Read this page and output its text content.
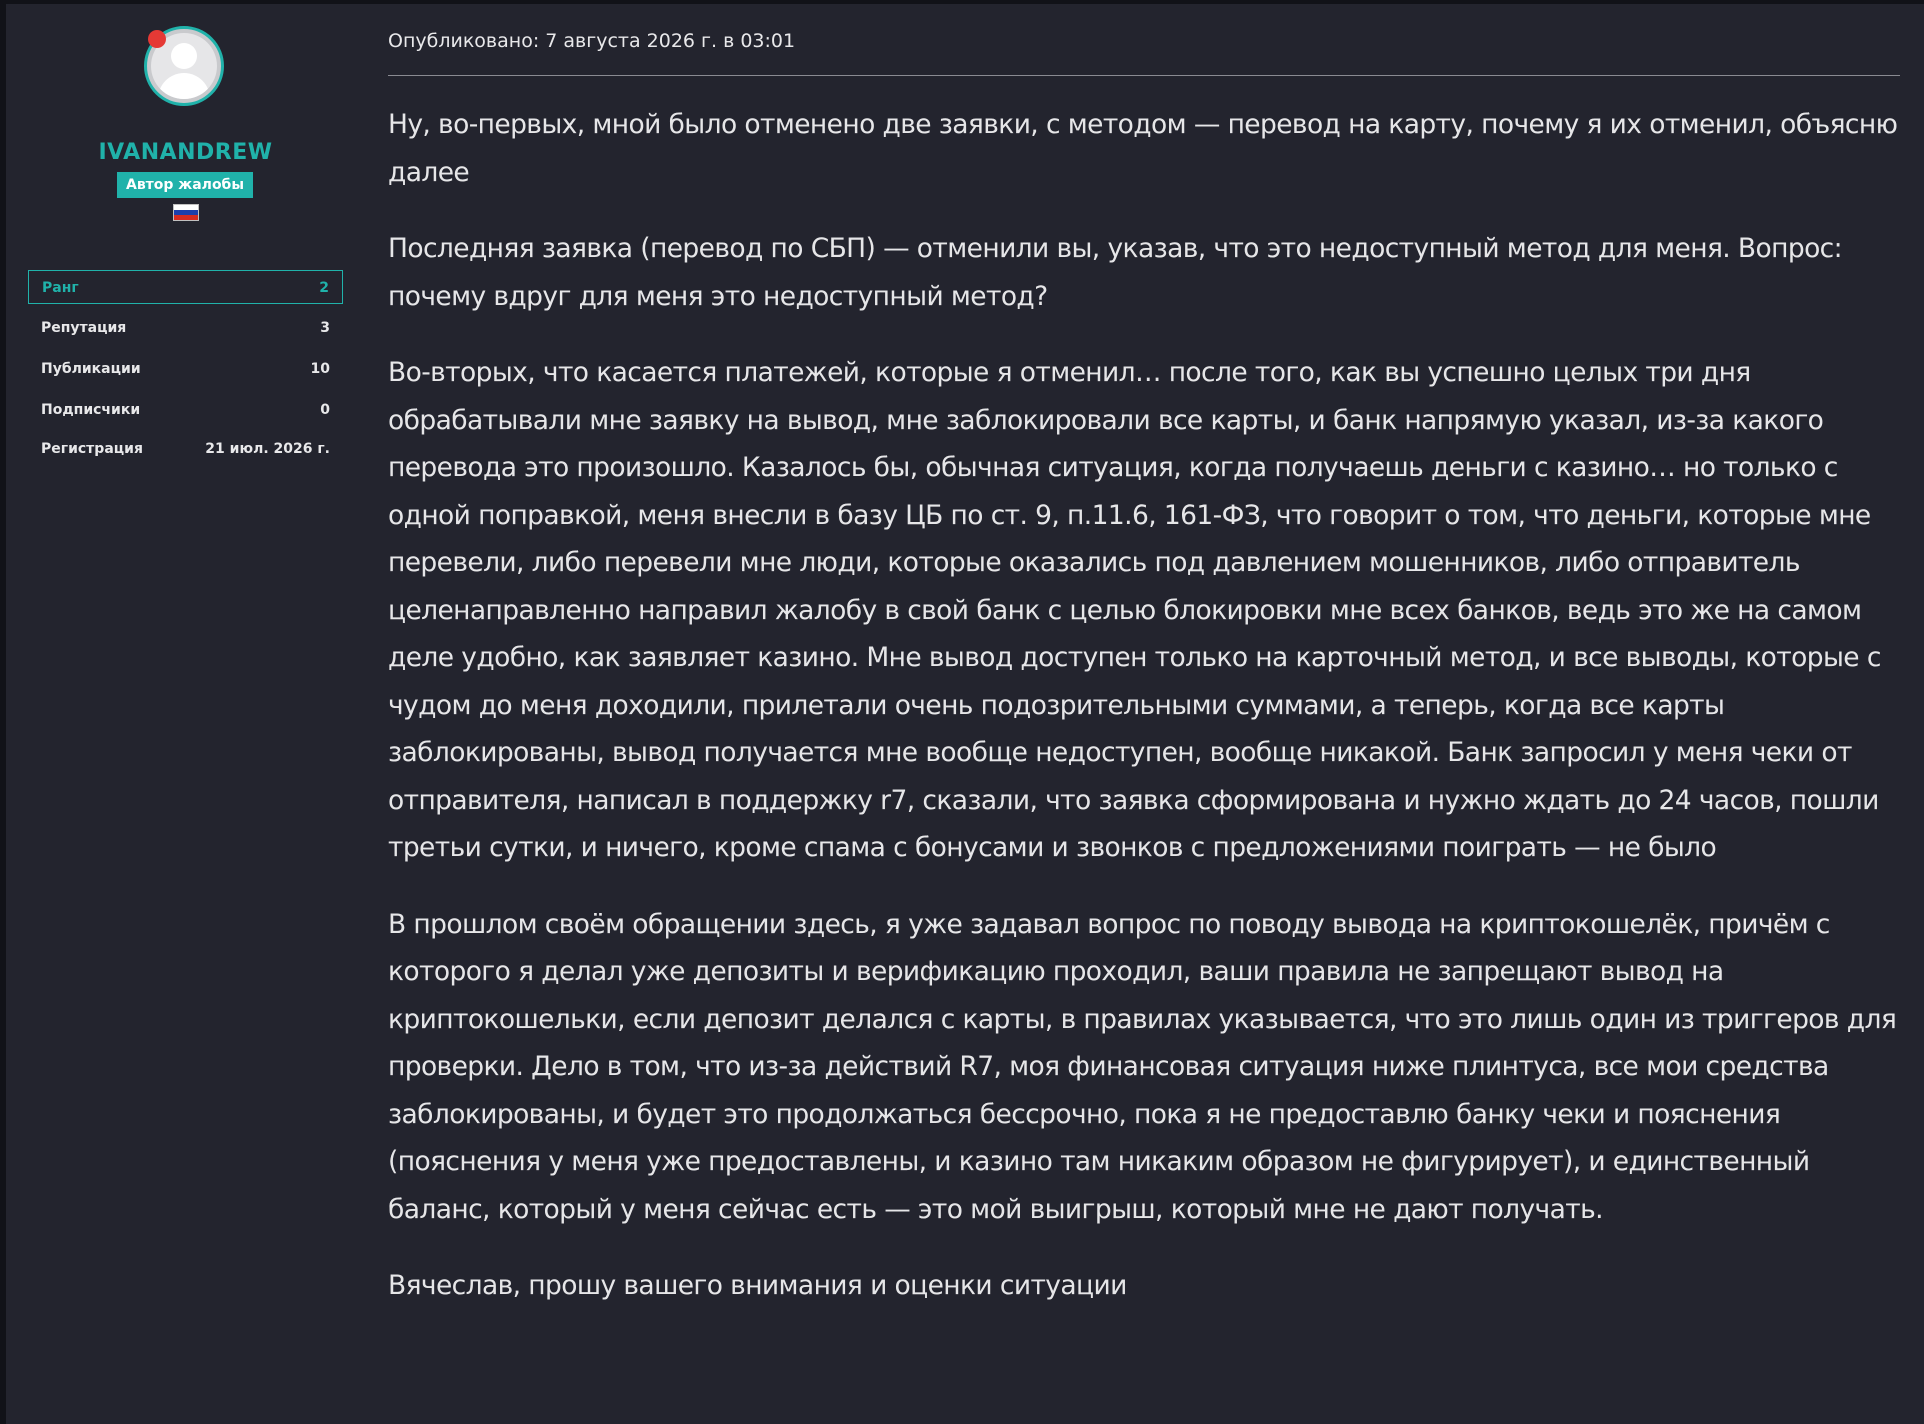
IVANANDREW
Автор жалобы
Ранг	2
Репутация	3
Публикации	10
Подписчики	0
Регистрация	21 июл. 2026 г.
Опубликовано: 7 августа 2026 г. в 03:01

Ну, во-первых, мной было отменено две заявки, с методом — перевод на карту, почему я их отменил, объясню далее

Последняя заявка (перевод по СБП) — отменили вы, указав, что это недоступный метод для меня. Вопрос: почему вдруг для меня это недоступный метод?

Во-вторых, что касается платежей, которые я отменил… после того, как вы успешно целых три дня обрабатывали мне заявку на вывод, мне заблокировали все карты, и банк напрямую указал, из-за какого перевода это произошло. Казалось бы, обычная ситуация, когда получаешь деньги с казино… но только с одной поправкой, меня внесли в базу ЦБ по ст. 9, п.11.6, 161-ФЗ, что говорит о том, что деньги, которые мне перевели, либо перевели мне люди, которые оказались под давлением мошенников, либо отправитель целенаправленно направил жалобу в свой банк с целью блокировки мне всех банков, ведь это же на самом деле удобно, как заявляет казино. Мне вывод доступен только на карточный метод, и все выводы, которые с чудом до меня доходили, прилетали очень подозрительными суммами, а теперь, когда все карты заблокированы, вывод получается мне вообще недоступен, вообще никакой. Банк запросил у меня чеки от отправителя, написал в поддержку r7, сказали, что заявка сформирована и нужно ждать до 24 часов, пошли третьи сутки, и ничего, кроме спама с бонусами и звонков с предложениями поиграть — не было

В прошлом своём обращении здесь, я уже задавал вопрос по поводу вывода на криптокошелёк, причём с которого я делал уже депозиты и верификацию проходил, ваши правила не запрещают вывод на криптокошельки, если депозит делался с карты, в правилах указывается, что это лишь один из триггеров для проверки. Дело в том, что из-за действий R7, моя финансовая ситуация ниже плинтуса, все мои средства заблокированы, и будет это продолжаться бессрочно, пока я не предоставлю банку чеки и пояснения (пояснения у меня уже предоставлены, и казино там никаким образом не фигурирует), и единственный баланс, который у меня сейчас есть — это мой выигрыш, который мне не дают получать.

Вячеслав, прошу вашего внимания и оценки ситуации
